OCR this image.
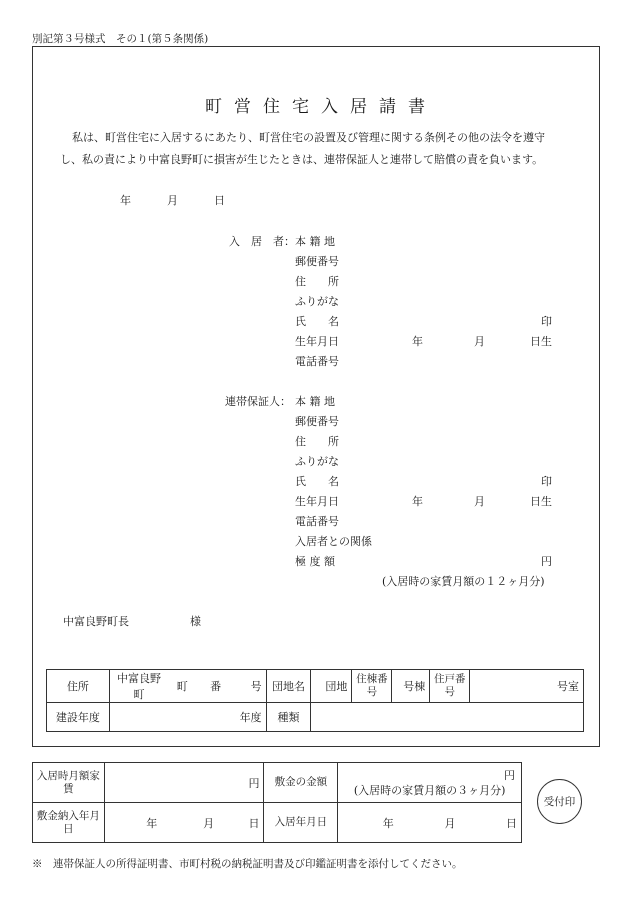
別記第３号様式　その１(第５条関係)
町営住宅入居請書
私は、町営住宅に入居するにあたり、町営住宅の設置及び管理に関する条例その他の法令を遵守
し、私の責により中富良野町に損害が生じたときは、連帯保証人と連帯して賠償の責を負います。
年	月	日
入　居　者： 本 籍 地
郵便番号
住　　所
ふりがな
氏　　名	印
生年月日	年	月	日生
電話番号
連帯保証人： 本 籍 地
郵便番号
住　　所
ふりがな
氏　　名	印
生年月日	年	月	日生
電話番号
入居者との関係
極 度 額	円
(入居時の家賃月額の１２ヶ月分)
中富良野町長	様
住所	中富良野町	町	番	号	団地名	団地	住棟番号	号棟	住戸番号	号室
建設年度	年度				種類					
入居時月額家賃	円			敷金の金額	円
(入居時の家賃月額の３ヶ月分)		

敷金納入年月日	年	月	日	入居年月日	年	月	日
受付印
※　連帯保証人の所得証明書、市町村税の納税証明書及び印鑑証明書を添付してください。
